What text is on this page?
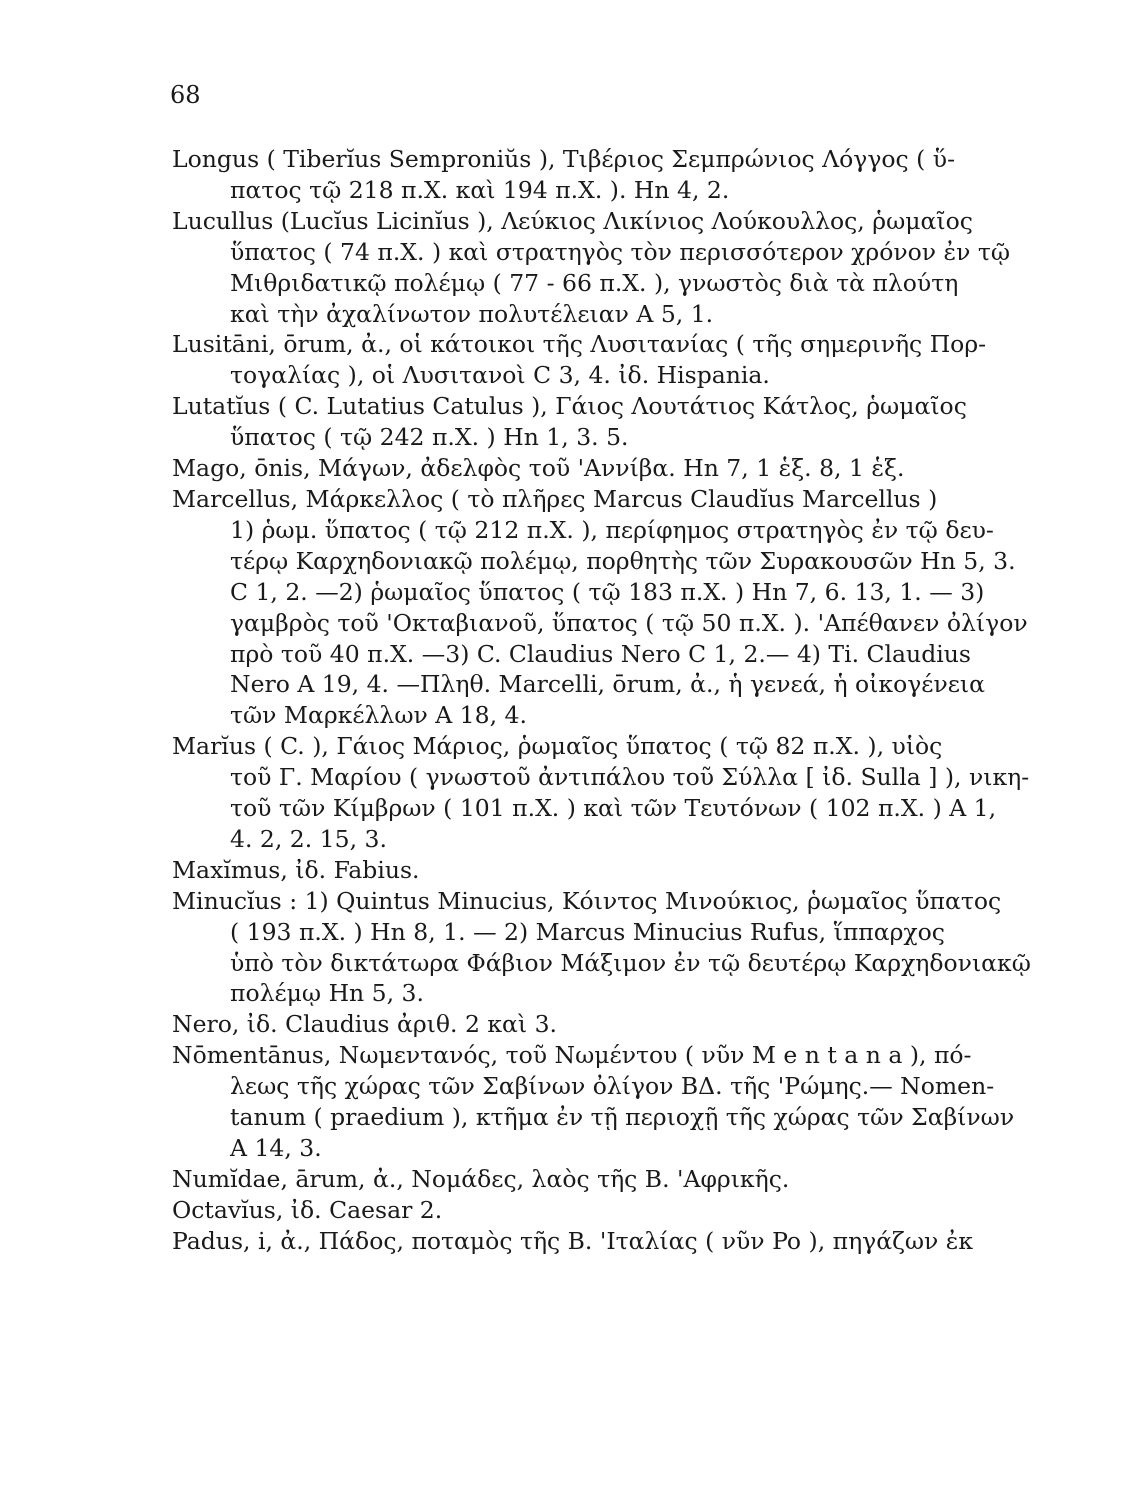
68
Longus ( Tiberĭus Semproniŭs ), Τιβέριος Σεμπρώνιος Λόγγος ( ὕ-
πατος τῷ 218 π.Χ. καὶ 194 π.Χ. ). Hn 4, 2.
Lucullus (Lucĭus Licinĭus ), Λεύκιος Λικίνιος Λούκουλλος, ῥωμαῖος
ὕπατος ( 74 π.Χ. ) καὶ στρατηγὸς τὸν περισσότερον χρόνον ἐν τῷ
Μιθριδατικῷ πολέμῳ ( 77 - 66 π.Χ. ), γνωστὸς διὰ τὰ πλούτη
καὶ τὴν ἀχαλίνωτον πολυτέλειαν A 5, 1.
Lusitāni, ōrum, ἀ., οἱ κάτοικοι τῆς Λυσιτανίας ( τῆς σημερινῆς Πορ-
τογαλίας ), οἱ Λυσιτανοὶ C 3, 4. ἰδ. Hispania.
Lutatĭus ( C. Lutatius Catulus ), Γάιος Λουτάτιος Κάτλος, ῥωμαῖος
ὕπατος ( τῷ 242 π.Χ. ) Hn 1, 3. 5.
Mago, ōnis, Μάγων, ἀδελφὸς τοῦ 'Αννίβα. Hn 7, 1 ἑξ. 8, 1 ἑξ.
Marcellus, Μάρκελλος ( τὸ πλῆρες Marcus Claudĭus Marcellus )
1) ῥωμ. ὕπατος ( τῷ 212 π.Χ. ), περίφημος στρατηγὸς ἐν τῷ δευ-
τέρῳ Καρχηδονιακῷ πολέμῳ, πορθητὴς τῶν Συρακουσῶν Hn 5, 3.
C 1, 2. —2) ῥωμαῖος ὕπατος ( τῷ 183 π.Χ. ) Hn 7, 6. 13, 1. — 3)
γαμβρὸς τοῦ 'Οκταβιανοῦ, ὕπατος ( τῷ 50 π.Χ. ). 'Απέθανεν ὀλίγον
πρὸ τοῦ 40 π.Χ. —3) C. Claudius Nero C 1, 2.— 4) Ti. Claudius
Nero A 19, 4. —Πληθ. Marcelli, ōrum, ἀ., ἡ γενεά, ἡ οἰκογένεια
τῶν Μαρκέλλων A 18, 4.
Marĭus ( C. ), Γάιος Μάριος, ῥωμαῖος ὕπατος ( τῷ 82 π.Χ. ), υἱὸς
τοῦ Γ. Μαρίου ( γνωστοῦ ἀντιπάλου τοῦ Σύλλα [ ἰδ. Sulla ] ), νικη-
τοῦ τῶν Κίμβρων ( 101 π.Χ. ) καὶ τῶν Τευτόνων ( 102 π.Χ. ) A 1,
4. 2, 2. 15, 3.
Maxĭmus, ἰδ. Fabius.
Minucĭus : 1) Quintus Minucius, Κόιντος Μινούκιος, ῥωμαῖος ὕπατος
( 193 π.Χ. ) Hn 8, 1. — 2) Marcus Minucius Rufus, ἵππαρχος
ὑπὸ τὸν δικτάτωρα Φάβιον Μάξιμον ἐν τῷ δευτέρῳ Καρχηδονιακῷ
πολέμῳ Hn 5, 3.
Nero, ἰδ. Claudius ἀριθ. 2 καὶ 3.
Nōmentānus, Νωμεντανός, τοῦ Νωμέντου ( νῦν M e n t a n a ), πό-
λεως τῆς χώρας τῶν Σαβίνων ὀλίγον ΒΔ. τῆς 'Ρώμης.— Nomen-
tanum ( praedium ), κτῆμα ἐν τῇ περιοχῇ τῆς χώρας τῶν Σαβίνων
A 14, 3.
Numĭdae, ārum, ἀ., Νομάδες, λαὸς τῆς Β. 'Αφρικῆς.
Octavĭus, ἰδ. Caesar 2.
Padus, i, ἀ., Πάδος, ποταμὸς τῆς Β. 'Ιταλίας ( νῦν Po ), πηγάζων ἐκ
